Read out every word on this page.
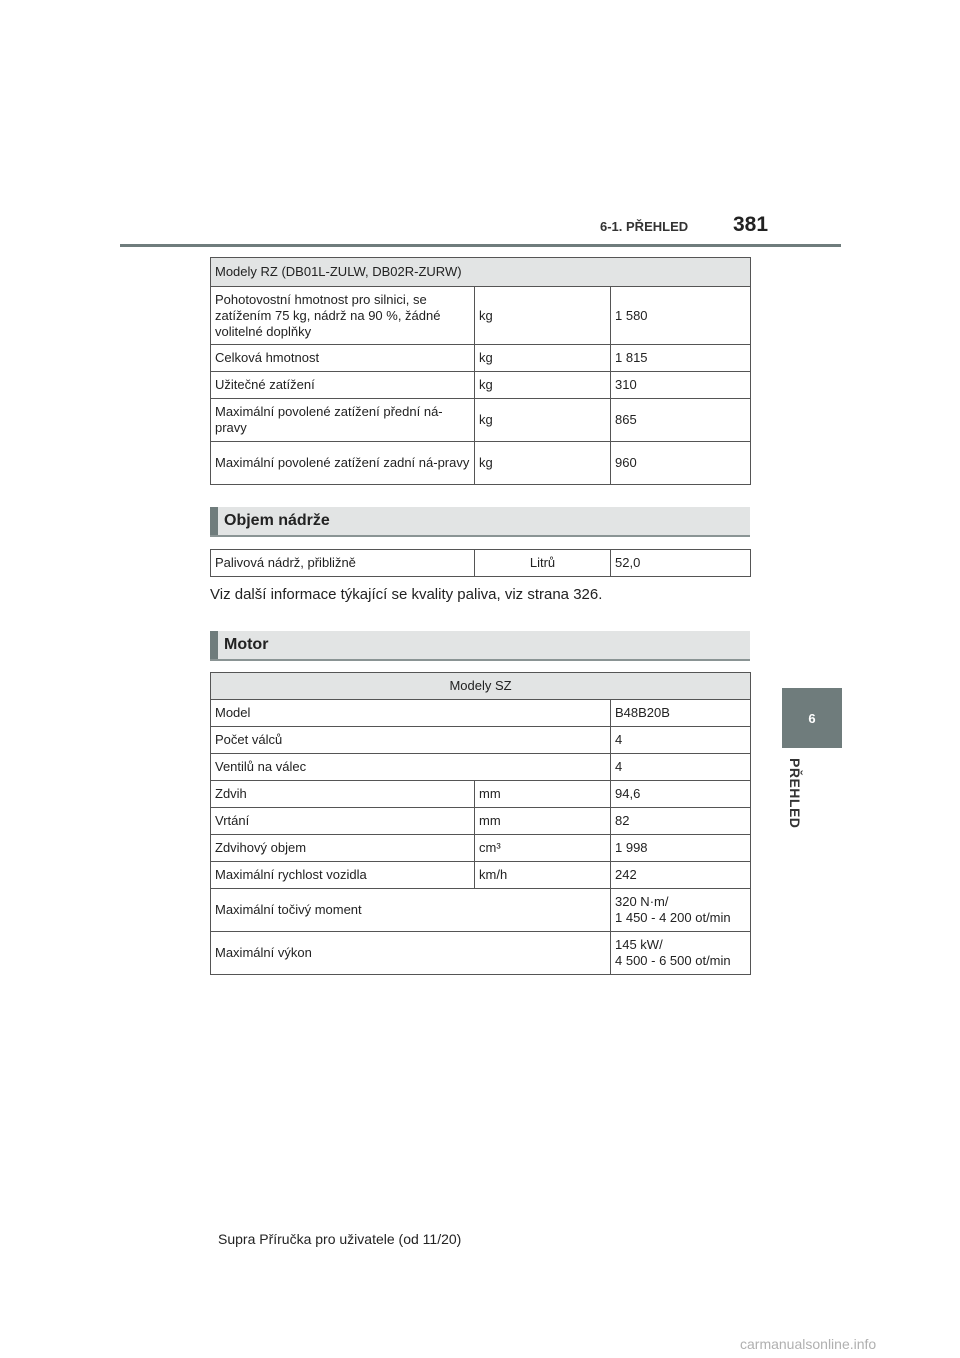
6-1. PŘEHLED 381
6
PŘEHLED
Modely RZ (DB01L-ZULW, DB02R-ZURW)		
Pohotovostní hmotnost pro silnici, se zatížením 75 kg, nádrž na 90 %, žádné volitelné doplňky	kg	1 580
Celková hmotnost	kg	1 815
Užitečné zatížení	kg	310
Maximální povolené zatížení přední ná-pravy	kg	865
Maximální povolené zatížení zadní ná-pravy	kg	960
Objem nádrže
Palivová nádrž, přibližně	Litrů	52,0
Viz další informace týkající se kvality paliva, viz strana 326.
Motor
Modely SZ		
Model		B48B20B
Počet válců		4
Ventilů na válec		4
Zdvih	mm	94,6
Vrtání	mm	82
Zdvihový objem	cm³	1 998
Maximální rychlost vozidla	km/h	242
Maximální točivý moment		320 N·m/
1 450 - 4 200 ot/min

Maximální výkon		145 kW/
4 500 - 6 500 ot/min
Supra Příručka pro uživatele (od 11/20)
carmanualsonline.info
